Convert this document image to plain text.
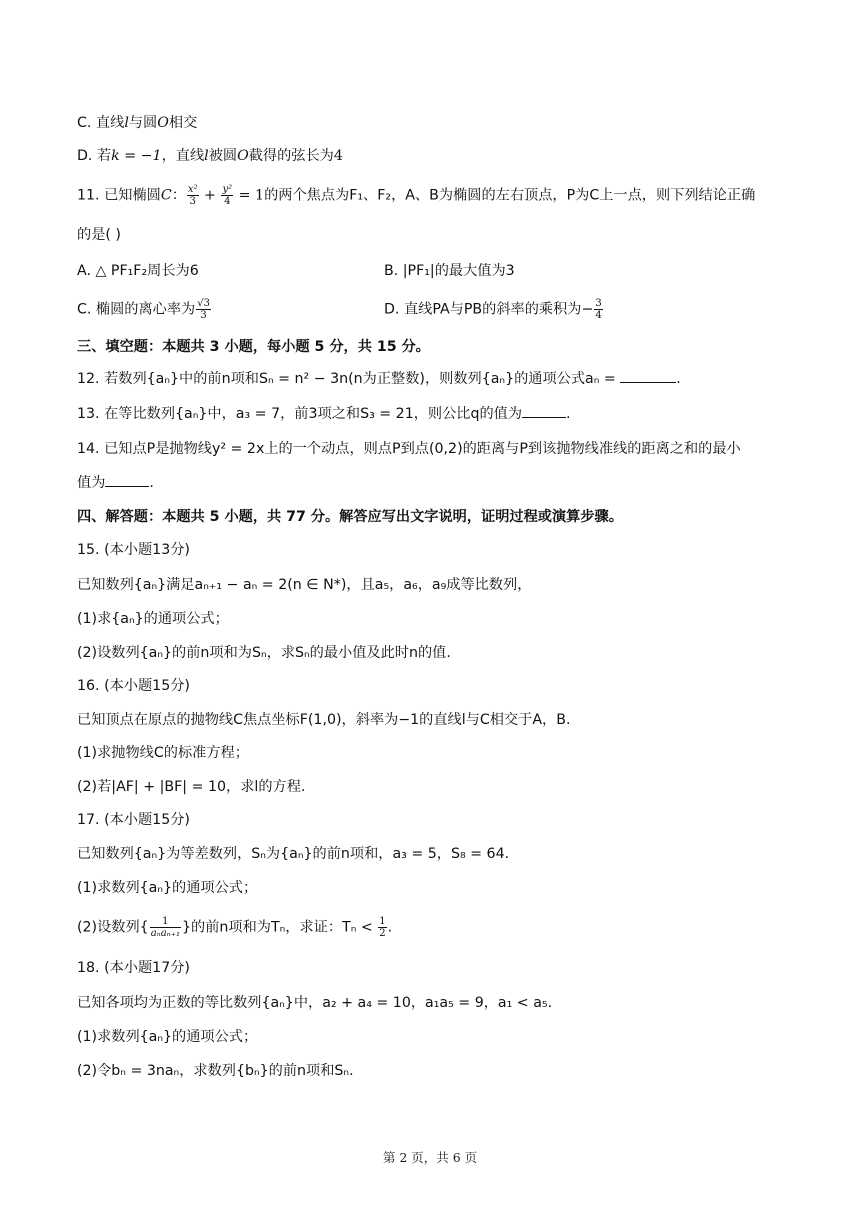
C. 直线l与圆O相交
D. 若k = −1，直线l被圆O截得的弦长为4
11. 已知椭圆C： $\frac{\text{x²}}{3} + \frac{\text{y²}}{4} = 1$的两个焦点为F₁、F₂，A、B为椭圆的左右顶点，P为C上一点，则下列结论正确
的是( )
A. △ PF₁F₂周长为6	B. |PF₁|的最大值为3
C. 椭圆的离心率为 $\frac{√3}{3}$	D. 直线PA与PB的斜率的乘积为− $\frac{3}{4}$
三、填空题：本题共 3 小题，每小题 5 分，共 15 分。
12. 若数列{aₙ}中的前n项和Sₙ = n² − 3n(n为正整数)，则数列{aₙ}的通项公式aₙ =	.
13. 在等比数列{aₙ}中，a₃ = 7，前3项之和S₃ = 21，则公比q的值为	.
14. 已知点P是抛物线y² = 2x上的一个动点，则点P到点(0,2)的距离与P到该抛物线准线的距离之和的最小
值为	.
四、解答题：本题共 5 小题，共 77 分。解答应写出文字说明，证明过程或演算步骤。
15. (本小题13分)
已知数列{aₙ}满足aₙ₊₁ − aₙ = 2(n ∈ N*)，且a₅，a₆，a₉成等比数列，
(1)求{aₙ}的通项公式；
(2)设数列{aₙ}的前n项和为Sₙ，求Sₙ的最小值及此时n的值.
16. (本小题15分)
已知顶点在原点的抛物线C焦点坐标F(1,0)，斜率为−1的直线l与C相交于A，B.
(1)求抛物线C的标准方程；
(2)若|AF| + |BF| = 10，求l的方程.
17. (本小题15分)
已知数列{aₙ}为等差数列，Sₙ为{aₙ}的前n项和，a₃ = 5，S₈ = 64.
(1)求数列{aₙ}的通项公式；
(2)设数列{ $\frac{1}{\text{aₙaₙ₊₁}}$ }的前n项和为Tₙ，求证：$T_n < \frac{1}{2}$ .
18. (本小题17分)
已知各项均为正数的等比数列{aₙ}中，a₂ + a₄ = 10，a₁a₅ = 9，a₁ < a₅.
(1)求数列{aₙ}的通项公式；
(2)令bₙ = 3naₙ，求数列{bₙ}的前n项和Sₙ.
第 2 页，共 6 页
